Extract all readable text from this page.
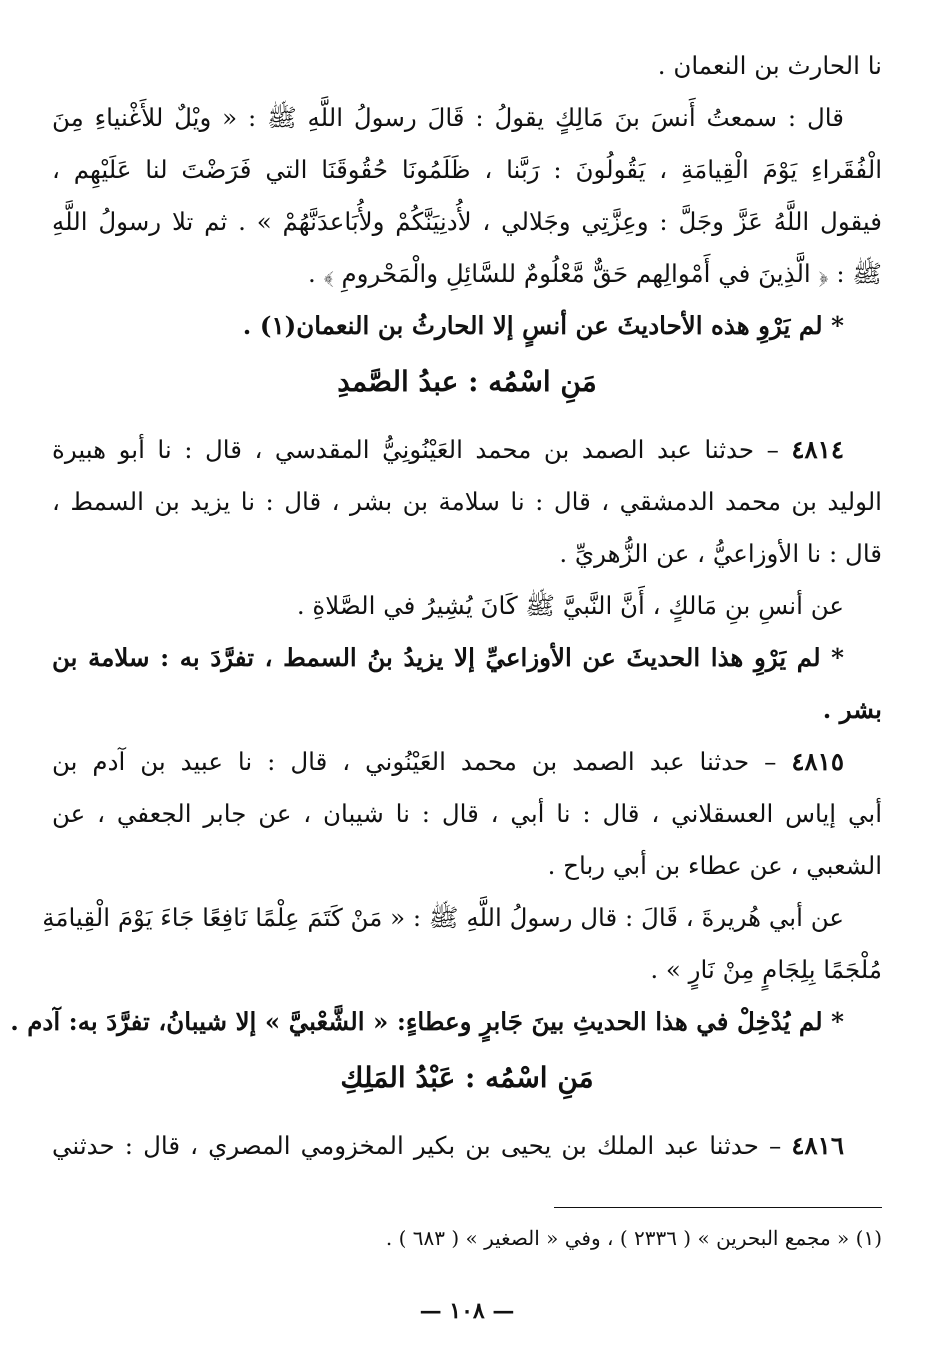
نا الحارث بن النعمان .
قال : سمعتُ أَنسَ بنَ مَالِكٍ يقولُ : قَالَ رسولُ اللَّهِ ﷺ : « ويْلٌ للأَغْنياءِ مِنَ
الْفُقَراءِ يَوْمَ الْقِيامَةِ ، يَقُولُونَ : رَبَّنا ، ظَلَمُونَا حُقُوقَنَا التي فَرَضْتَ لنا عَلَيْهِم ،
فيقول اللَّهُ عَزَّ وجَلَّ : وعِزَّتِي وجَلالي ، لأُدنِيَنَّكُمْ ولأُبَاعدَنَّهُمْ » . ثم تلا رسولُ اللَّهِ
ﷺ : ﴿ الَّذِينَ في أَمْوالِهم حَقٌّ مَّعْلُومٌ للسَّائِلِ والْمَحْرومِ ﴾ .
* لم يَرْوِ هذه الأحاديثَ عن أنسٍ إلا الحارثُ بن النعمان(١) .
مَنِ اسْمُه : عبدُ الصَّمدِ
٤٨١٤ – حدثنا عبد الصمد بن محمد العَيْنُونِيُّ المقدسي ، قال : نا أبو هبيرة
الوليد بن محمد الدمشقي ، قال : نا سلامة بن بشر ، قال : نا يزيد بن السمط ،
قال : نا الأوزاعيُّ ، عن الزُّهريِّ .
عن أنسِ بنِ مَالكٍ ، أَنَّ النَّبيَّ ﷺ كَانَ يُشِيرُ في الصَّلاةِ .
* لم يَرْوِ هذا الحديثَ عن الأوزاعيِّ إلا يزيدُ بنُ السمط ، تفرَّدَ به : سلامة بن
بشر .
٤٨١٥ – حدثنا عبد الصمد بن محمد العَيْنُوني ، قال : نا عبيد بن آدم بن
أبي إياس العسقلاني ، قال : نا أبي ، قال : نا شيبان ، عن جابر الجعفي ، عن
الشعبي ، عن عطاء بن أبي رباح .
عن أبي هُريرةَ ، قَالَ : قال رسولُ اللَّهِ ﷺ : « مَنْ كَتَمَ عِلْمًا نَافِعًا جَاءَ يَوْمَ الْقِيامَةِ
مُلْجَمًا بِلِجَامٍ مِنْ نَارٍ » .
* لم يُدْخِلْ في هذا الحديثِ بينَ جَابرٍ وعطاءٍ: « الشَّعْبيَّ » إلا شيبانُ، تفرَّدَ به: آدم .
مَنِ اسْمُه : عَبْدُ المَلِكِ
٤٨١٦ – حدثنا عبد الملك بن يحيى بن بكير المخزومي المصري ، قال : حدثني
(١) « مجمع البحرين » ( ٢٣٣٦ ) ، وفي « الصغير » ( ٦٨٣ ) .
— ١٠٨ —
